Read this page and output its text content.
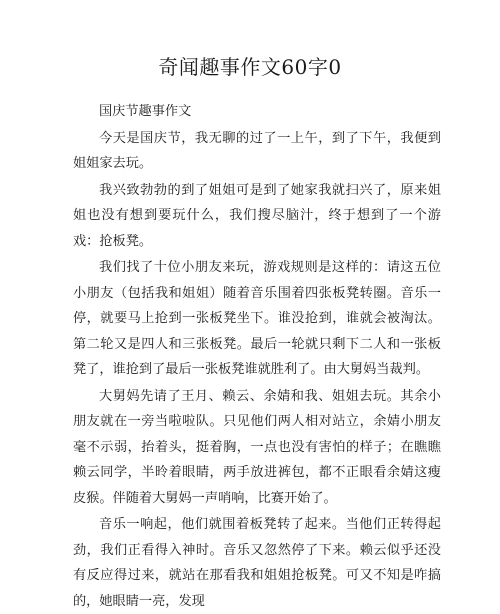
奇闻趣事作文60字0

国庆节趣事作文

今天是国庆节，我无聊的过了一上午，到了下午，我便到姐姐家去玩。

我兴致勃勃的到了姐姐可是到了她家我就扫兴了，原来姐姐也没有想到要玩什么，我们搜尽脑汁，终于想到了一个游戏：抢板凳。

我们找了十位小朋友来玩，游戏规则是这样的：请这五位小朋友（包括我和姐姐）随着音乐围着四张板凳转圈。音乐一停，就要马上抢到一张板凳坐下。谁没抢到，谁就会被淘汰。第二轮又是四人和三张板凳。最后一轮就只剩下二人和一张板凳了，谁抢到了最后一张板凳谁就胜利了。由大舅妈当裁判。

大舅妈先请了王月、赖云、余婧和我、姐姐去玩。其余小朋友就在一旁当啦啦队。只见他们两人相对站立，余婧小朋友毫不示弱，抬着头，挺着胸，一点也没有害怕的样子；在瞧瞧赖云同学，半昤着眼睛，两手放进裤包，都不正眼看余婧这瘦皮猴。伴随着大舅妈一声哨响，比赛开始了。

音乐一响起，他们就围着板凳转了起来。当他们正转得起劲，我们正看得入神时。音乐又忽然停了下来。赖云似乎还没有反应得过来，就站在那看我和姐姐抢板凳。可又不知是咋搞的，她眼睛一亮，发现
